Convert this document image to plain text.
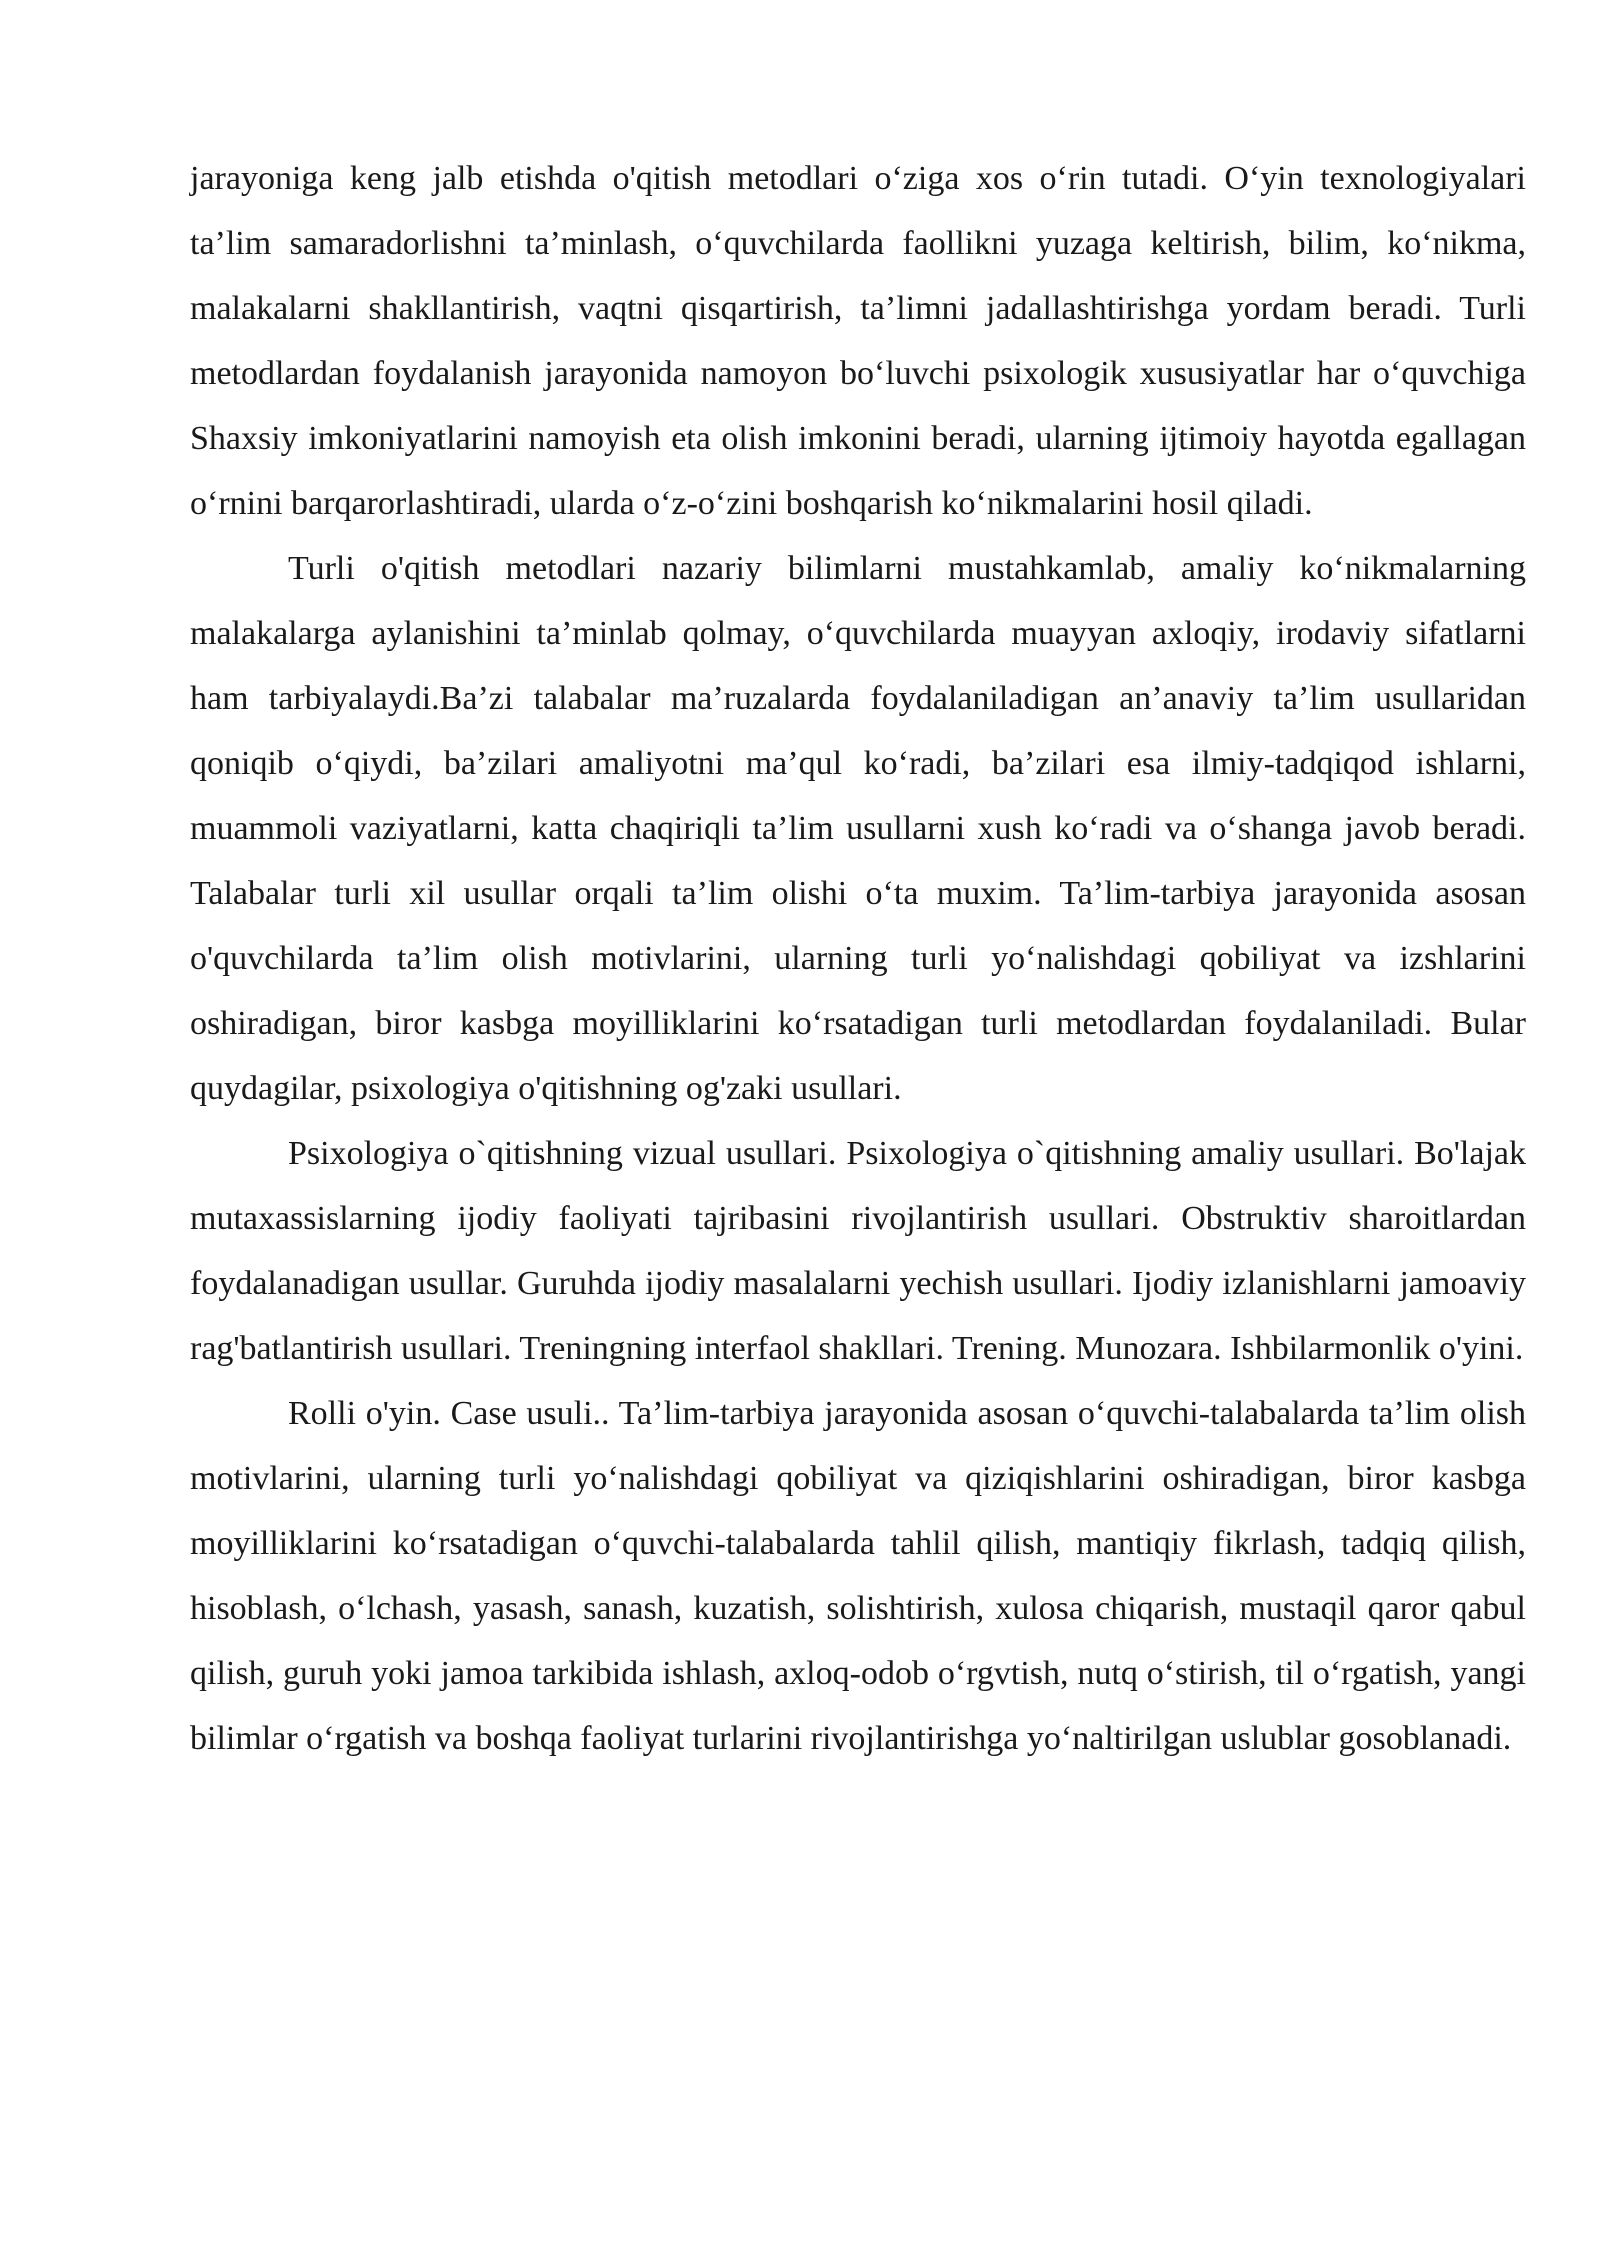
jarayoniga keng jalb etishda o'qitish metodlari o‘ziga xos o‘rin tutadi. O‘yin texnologiyalari ta’lim samaradorlishni ta’minlash, o‘quvchilarda faollikni yuzaga keltirish, bilim, ko‘nikma, malakalarni shakllantirish, vaqtni qisqartirish, ta’limni jadallashtirishga yordam beradi. Turli metodlardan foydalanish jarayonida namoyon bo‘luvchi psixologik xususiyatlar har o‘quvchiga Shaxsiy imkoniyatlarini namoyish eta olish imkonini beradi, ularning ijtimoiy hayotda egallagan o‘rnini barqarorlashtiradi, ularda o‘z-o‘zini boshqarish ko‘nikmalarini hosil qiladi.

Turli o'qitish metodlari nazariy bilimlarni mustahkamlab, amaliy ko‘nikmalarning malakalarga aylanishini ta’minlab qolmay, o‘quvchilarda muayyan axloqiy, irodaviy sifatlarni ham tarbiyalaydi.Ba’zi talabalar ma’ruzalarda foydalaniladigan an’anaviy ta’lim usullaridan qoniqib o‘qiydi, ba’zilari amaliyotni ma’qul ko‘radi, ba’zilari esa ilmiy-tadqiqod ishlarni, muammoli vaziyatlarni, katta chaqiriqli ta’lim usullarni xush ko‘radi va o‘shanga javob beradi. Talabalar turli xil usullar orqali ta’lim olishi o‘ta muxim. Ta’lim-tarbiya jarayonida asosan o'quvchilarda ta’lim olish motivlarini, ularning turli yo‘nalishdagi qobiliyat va izshlarini oshiradigan, biror kasbga moyilliklarini ko‘rsatadigan turli metodlardan foydalaniladi. Bular quydagilar, psixologiya o'qitishning og'zaki usullari.

Psixologiya o`qitishning vizual usullari. Psixologiya o`qitishning amaliy usullari. Bo'lajak mutaxassislarning ijodiy faoliyati tajribasini rivojlantirish usullari. Obstruktiv sharoitlardan foydalanadigan usullar. Guruhda ijodiy masalalarni yechish usullari. Ijodiy izlanishlarni jamoaviy rag'batlantirish usullari. Treningning interfaol shakllari. Trening. Munozara. Ishbilarmonlik o'yini.

Rolli o'yin. Case usuli.. Ta’lim-tarbiya jarayonida asosan o‘quvchi-talabalarda ta’lim olish motivlarini, ularning turli yo‘nalishdagi qobiliyat va qiziqishlarini oshiradigan, biror kasbga moyilliklarini ko‘rsatadigan o‘quvchi-talabalarda tahlil qilish, mantiqiy fikrlash, tadqiq qilish, hisoblash, o‘lchash, yasash, sanash, kuzatish, solishtirish, xulosa chiqarish, mustaqil qaror qabul qilish, guruh yoki jamoa tarkibida ishlash, axloq-odob o‘rgvtish, nutq o‘stirish, til o‘rgatish, yangi bilimlar o‘rgatish va boshqa faoliyat turlarini rivojlantirishga yo‘naltirilgan uslublar gosoblanadi.
